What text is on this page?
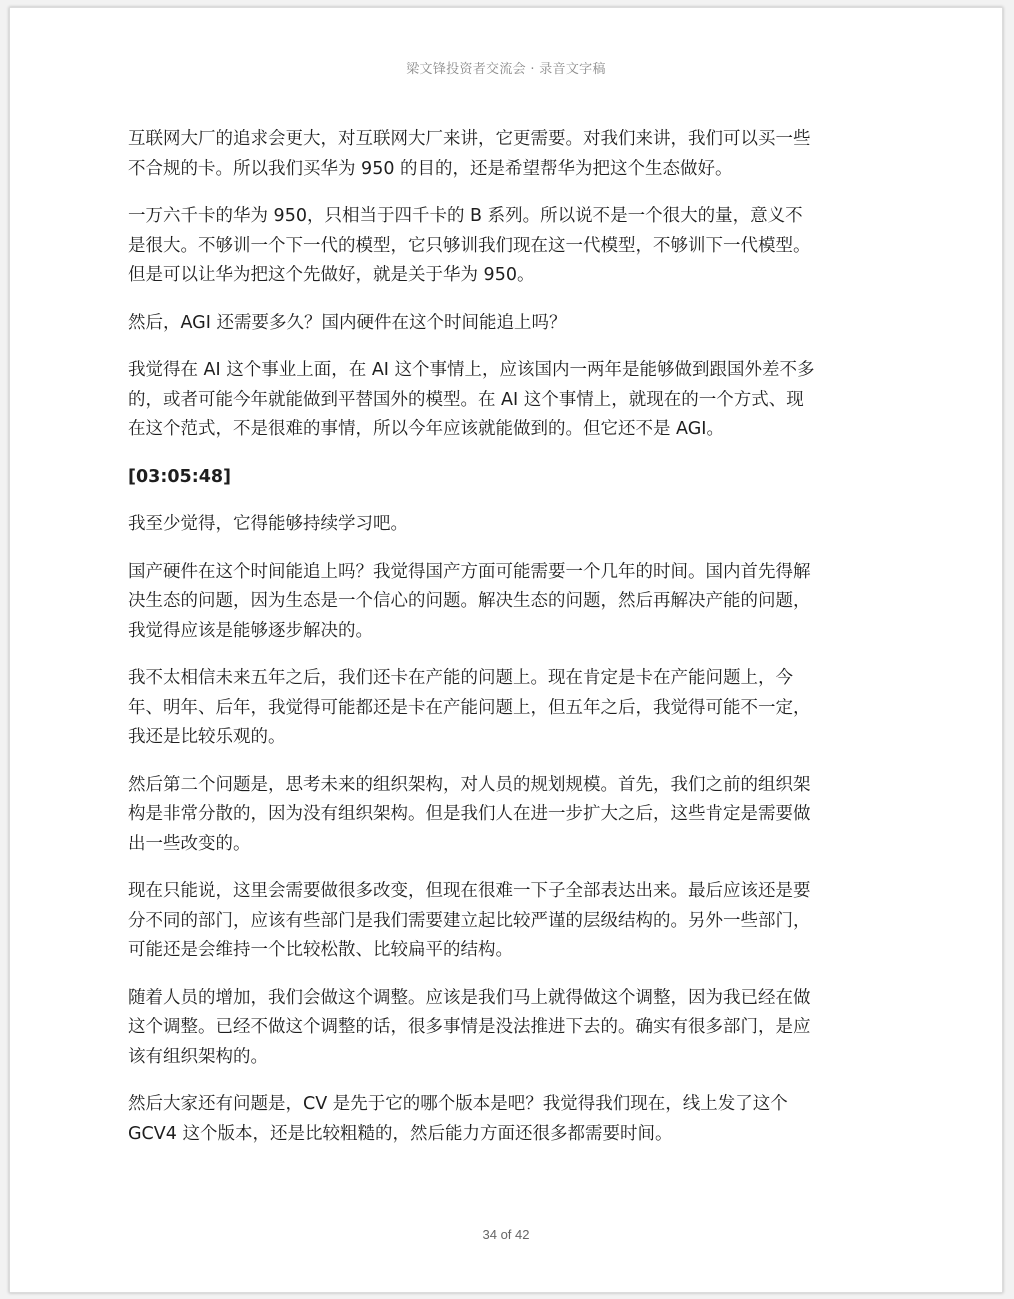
梁文锋投资者交流会 · 录音文字稿

互联网大厂的追求会更大，对互联网大厂来讲，它更需要。对我们来讲，我们可以买一些
不合规的卡。所以我们买华为 950 的目的，还是希望帮华为把这个生态做好。

一万六千卡的华为 950，只相当于四千卡的 B 系列。所以说不是一个很大的量，意义不
是很大。不够训一个下一代的模型，它只够训我们现在这一代模型，不够训下一代模型。
但是可以让华为把这个先做好，就是关于华为 950。

然后，AGI 还需要多久？国内硬件在这个时间能追上吗？

我觉得在 AI 这个事业上面，在 AI 这个事情上，应该国内一两年是能够做到跟国外差不多
的，或者可能今年就能做到平替国外的模型。在 AI 这个事情上，就现在的一个方式、现
在这个范式，不是很难的事情，所以今年应该就能做到的。但它还不是 AGI。

[03:05:48]

我至少觉得，它得能够持续学习吧。

国产硬件在这个时间能追上吗？我觉得国产方面可能需要一个几年的时间。国内首先得解
决生态的问题，因为生态是一个信心的问题。解决生态的问题，然后再解决产能的问题，
我觉得应该是能够逐步解决的。

我不太相信未来五年之后，我们还卡在产能的问题上。现在肯定是卡在产能问题上，今
年、明年、后年，我觉得可能都还是卡在产能问题上，但五年之后，我觉得可能不一定，
我还是比较乐观的。

然后第二个问题是，思考未来的组织架构，对人员的规划规模。首先，我们之前的组织架
构是非常分散的，因为没有组织架构。但是我们人在进一步扩大之后，这些肯定是需要做
出一些改变的。

现在只能说，这里会需要做很多改变，但现在很难一下子全部表达出来。最后应该还是要
分不同的部门，应该有些部门是我们需要建立起比较严谨的层级结构的。另外一些部门，
可能还是会维持一个比较松散、比较扁平的结构。

随着人员的增加，我们会做这个调整。应该是我们马上就得做这个调整，因为我已经在做
这个调整。已经不做这个调整的话，很多事情是没法推进下去的。确实有很多部门，是应
该有组织架构的。

然后大家还有问题是，CV 是先于它的哪个版本是吧？我觉得我们现在，线上发了这个
GCV4 这个版本，还是比较粗糙的，然后能力方面还很多都需要时间。

34 of 42
